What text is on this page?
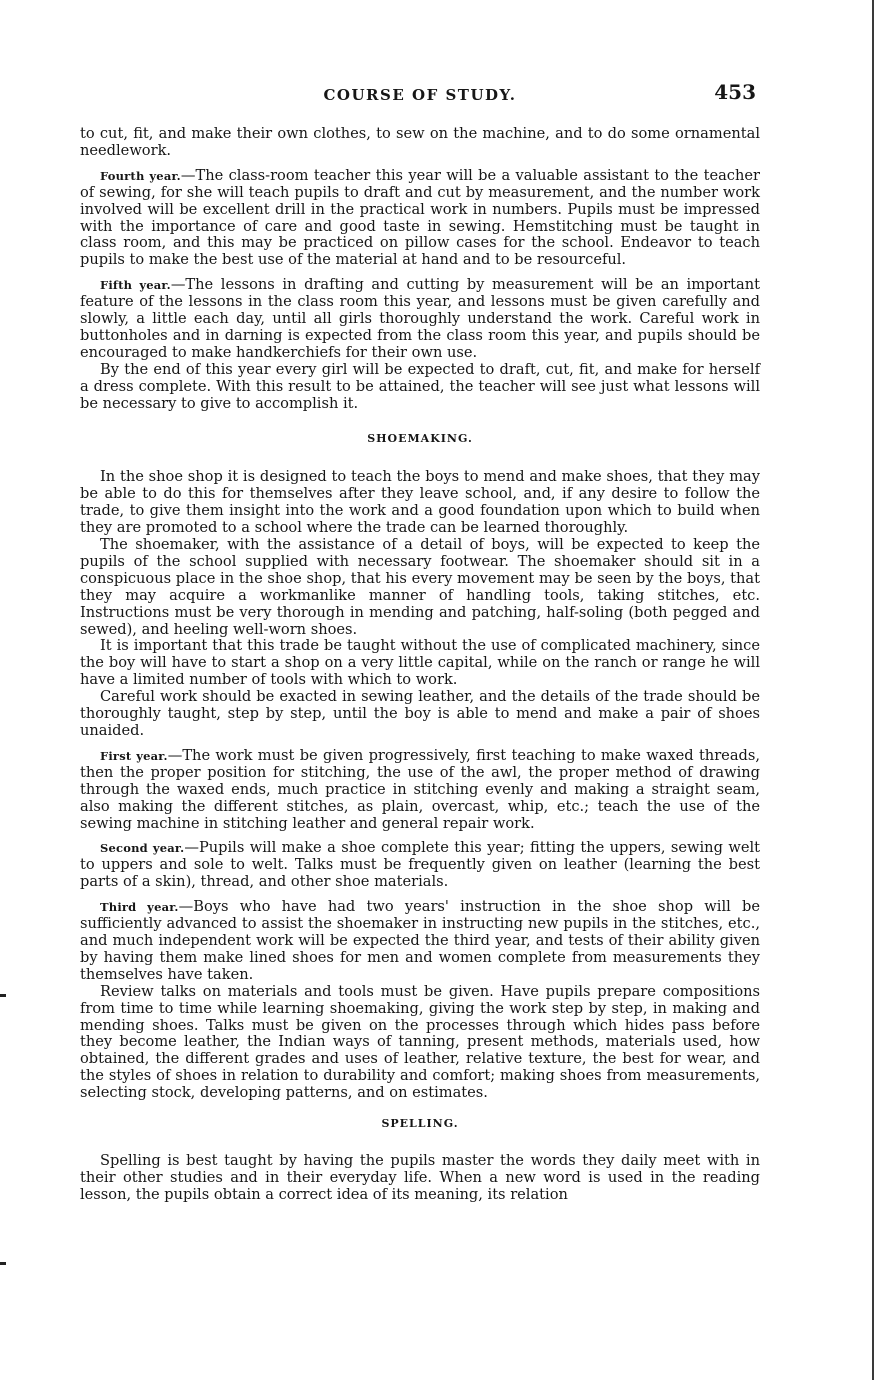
COURSE OF STUDY.	453

to cut, fit, and make their own clothes, to sew on the machine, and to do some ornamental needlework.

Fourth year.—The class-room teacher this year will be a valuable assistant to the teacher of sewing, for she will teach pupils to draft and cut by measurement, and the number work involved will be excellent drill in the practical work in numbers. Pupils must be impressed with the importance of care and good taste in sewing. Hemstitching must be taught in class room, and this may be practiced on pillow cases for the school. Endeavor to teach pupils to make the best use of the material at hand and to be resourceful.

Fifth year.—The lessons in drafting and cutting by measurement will be an important feature of the lessons in the class room this year, and lessons must be given carefully and slowly, a little each day, until all girls thoroughly understand the work. Careful work in buttonholes and in darning is expected from the class room this year, and pupils should be encouraged to make handkerchiefs for their own use.

By the end of this year every girl will be expected to draft, cut, fit, and make for herself a dress complete. With this result to be attained, the teacher will see just what lessons will be necessary to give to accomplish it.

SHOEMAKING.

In the shoe shop it is designed to teach the boys to mend and make shoes, that they may be able to do this for themselves after they leave school, and, if any desire to follow the trade, to give them insight into the work and a good foundation upon which to build when they are promoted to a school where the trade can be learned thoroughly.

The shoemaker, with the assistance of a detail of boys, will be expected to keep the pupils of the school supplied with necessary footwear. The shoemaker should sit in a conspicuous place in the shoe shop, that his every movement may be seen by the boys, that they may acquire a workmanlike manner of handling tools, taking stitches, etc. Instructions must be very thorough in mending and patching, half-soling (both pegged and sewed), and heeling well-worn shoes.

It is important that this trade be taught without the use of complicated machinery, since the boy will have to start a shop on a very little capital, while on the ranch or range he will have a limited number of tools with which to work.

Careful work should be exacted in sewing leather, and the details of the trade should be thoroughly taught, step by step, until the boy is able to mend and make a pair of shoes unaided.

First year.—The work must be given progressively, first teaching to make waxed threads, then the proper position for stitching, the use of the awl, the proper method of drawing through the waxed ends, much practice in stitching evenly and making a straight seam, also making the different stitches, as plain, overcast, whip, etc.; teach the use of the sewing machine in stitching leather and general repair work.

Second year.—Pupils will make a shoe complete this year; fitting the uppers, sewing welt to uppers and sole to welt. Talks must be frequently given on leather (learning the best parts of a skin), thread, and other shoe materials.

Third year.—Boys who have had two years' instruction in the shoe shop will be sufficiently advanced to assist the shoemaker in instructing new pupils in the stitches, etc., and much independent work will be expected the third year, and tests of their ability given by having them make lined shoes for men and women complete from measurements they themselves have taken.

Review talks on materials and tools must be given. Have pupils prepare compositions from time to time while learning shoemaking, giving the work step by step, in making and mending shoes. Talks must be given on the processes through which hides pass before they become leather, the Indian ways of tanning, present methods, materials used, how obtained, the different grades and uses of leather, relative texture, the best for wear, and the styles of shoes in relation to durability and comfort; making shoes from measurements, selecting stock, developing patterns, and on estimates.

SPELLING.

Spelling is best taught by having the pupils master the words they daily meet with in their other studies and in their everyday life. When a new word is used in the reading lesson, the pupils obtain a correct idea of its meaning, its relation
